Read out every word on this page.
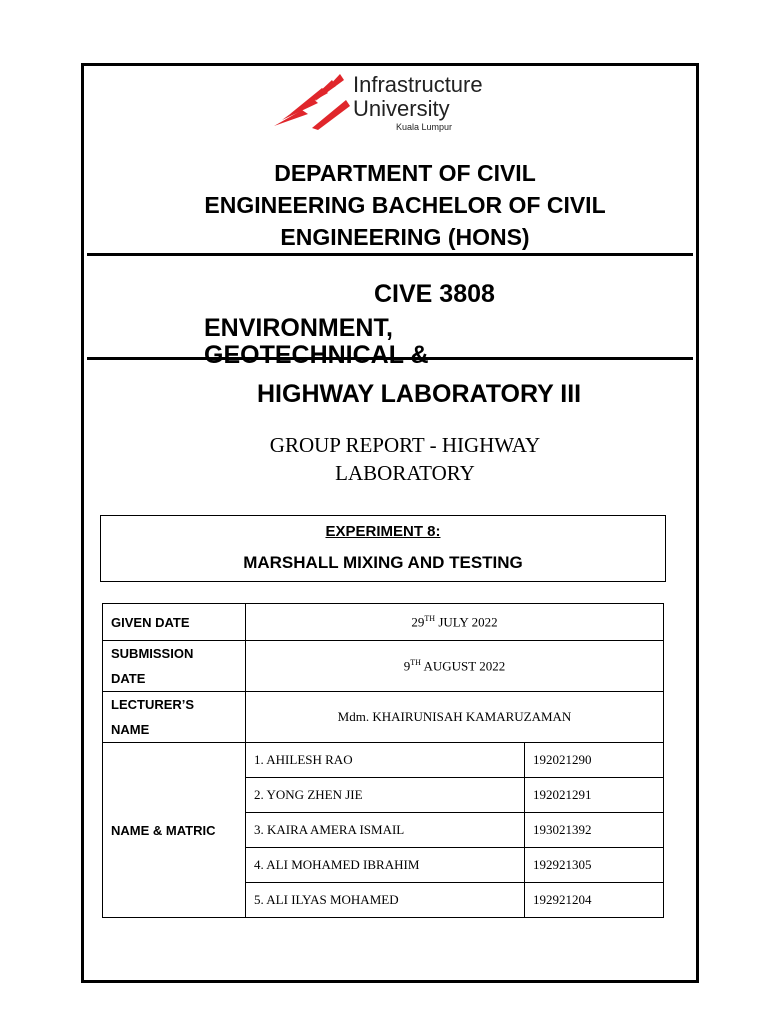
Infrastructure
University
Kuala Lumpur
DEPARTMENT OF CIVIL
ENGINEERING BACHELOR OF CIVIL
ENGINEERING (HONS)
CIVE 3808
ENVIRONMENT,
GEOTECHNICAL &
HIGHWAY LABORATORY III
GROUP REPORT - HIGHWAY
LABORATORY
EXPERIMENT 8:
MARSHALL MIXING AND TESTING
GIVEN DATE	29TH JULY 2022	

SUBMISSION
DATE	9TH AUGUST 2022	

LECTURER’S
NAME	Mdm. KHAIRUNISAH KAMARUZAMAN	
NAME & MATRIC	1. AHILESH RAO	192021290
	2. YONG ZHEN JIE	192021291
	3. KAIRA AMERA ISMAIL	193021392
	4. ALI MOHAMED IBRAHIM	192921305
	5. ALI ILYAS MOHAMED	192921204
